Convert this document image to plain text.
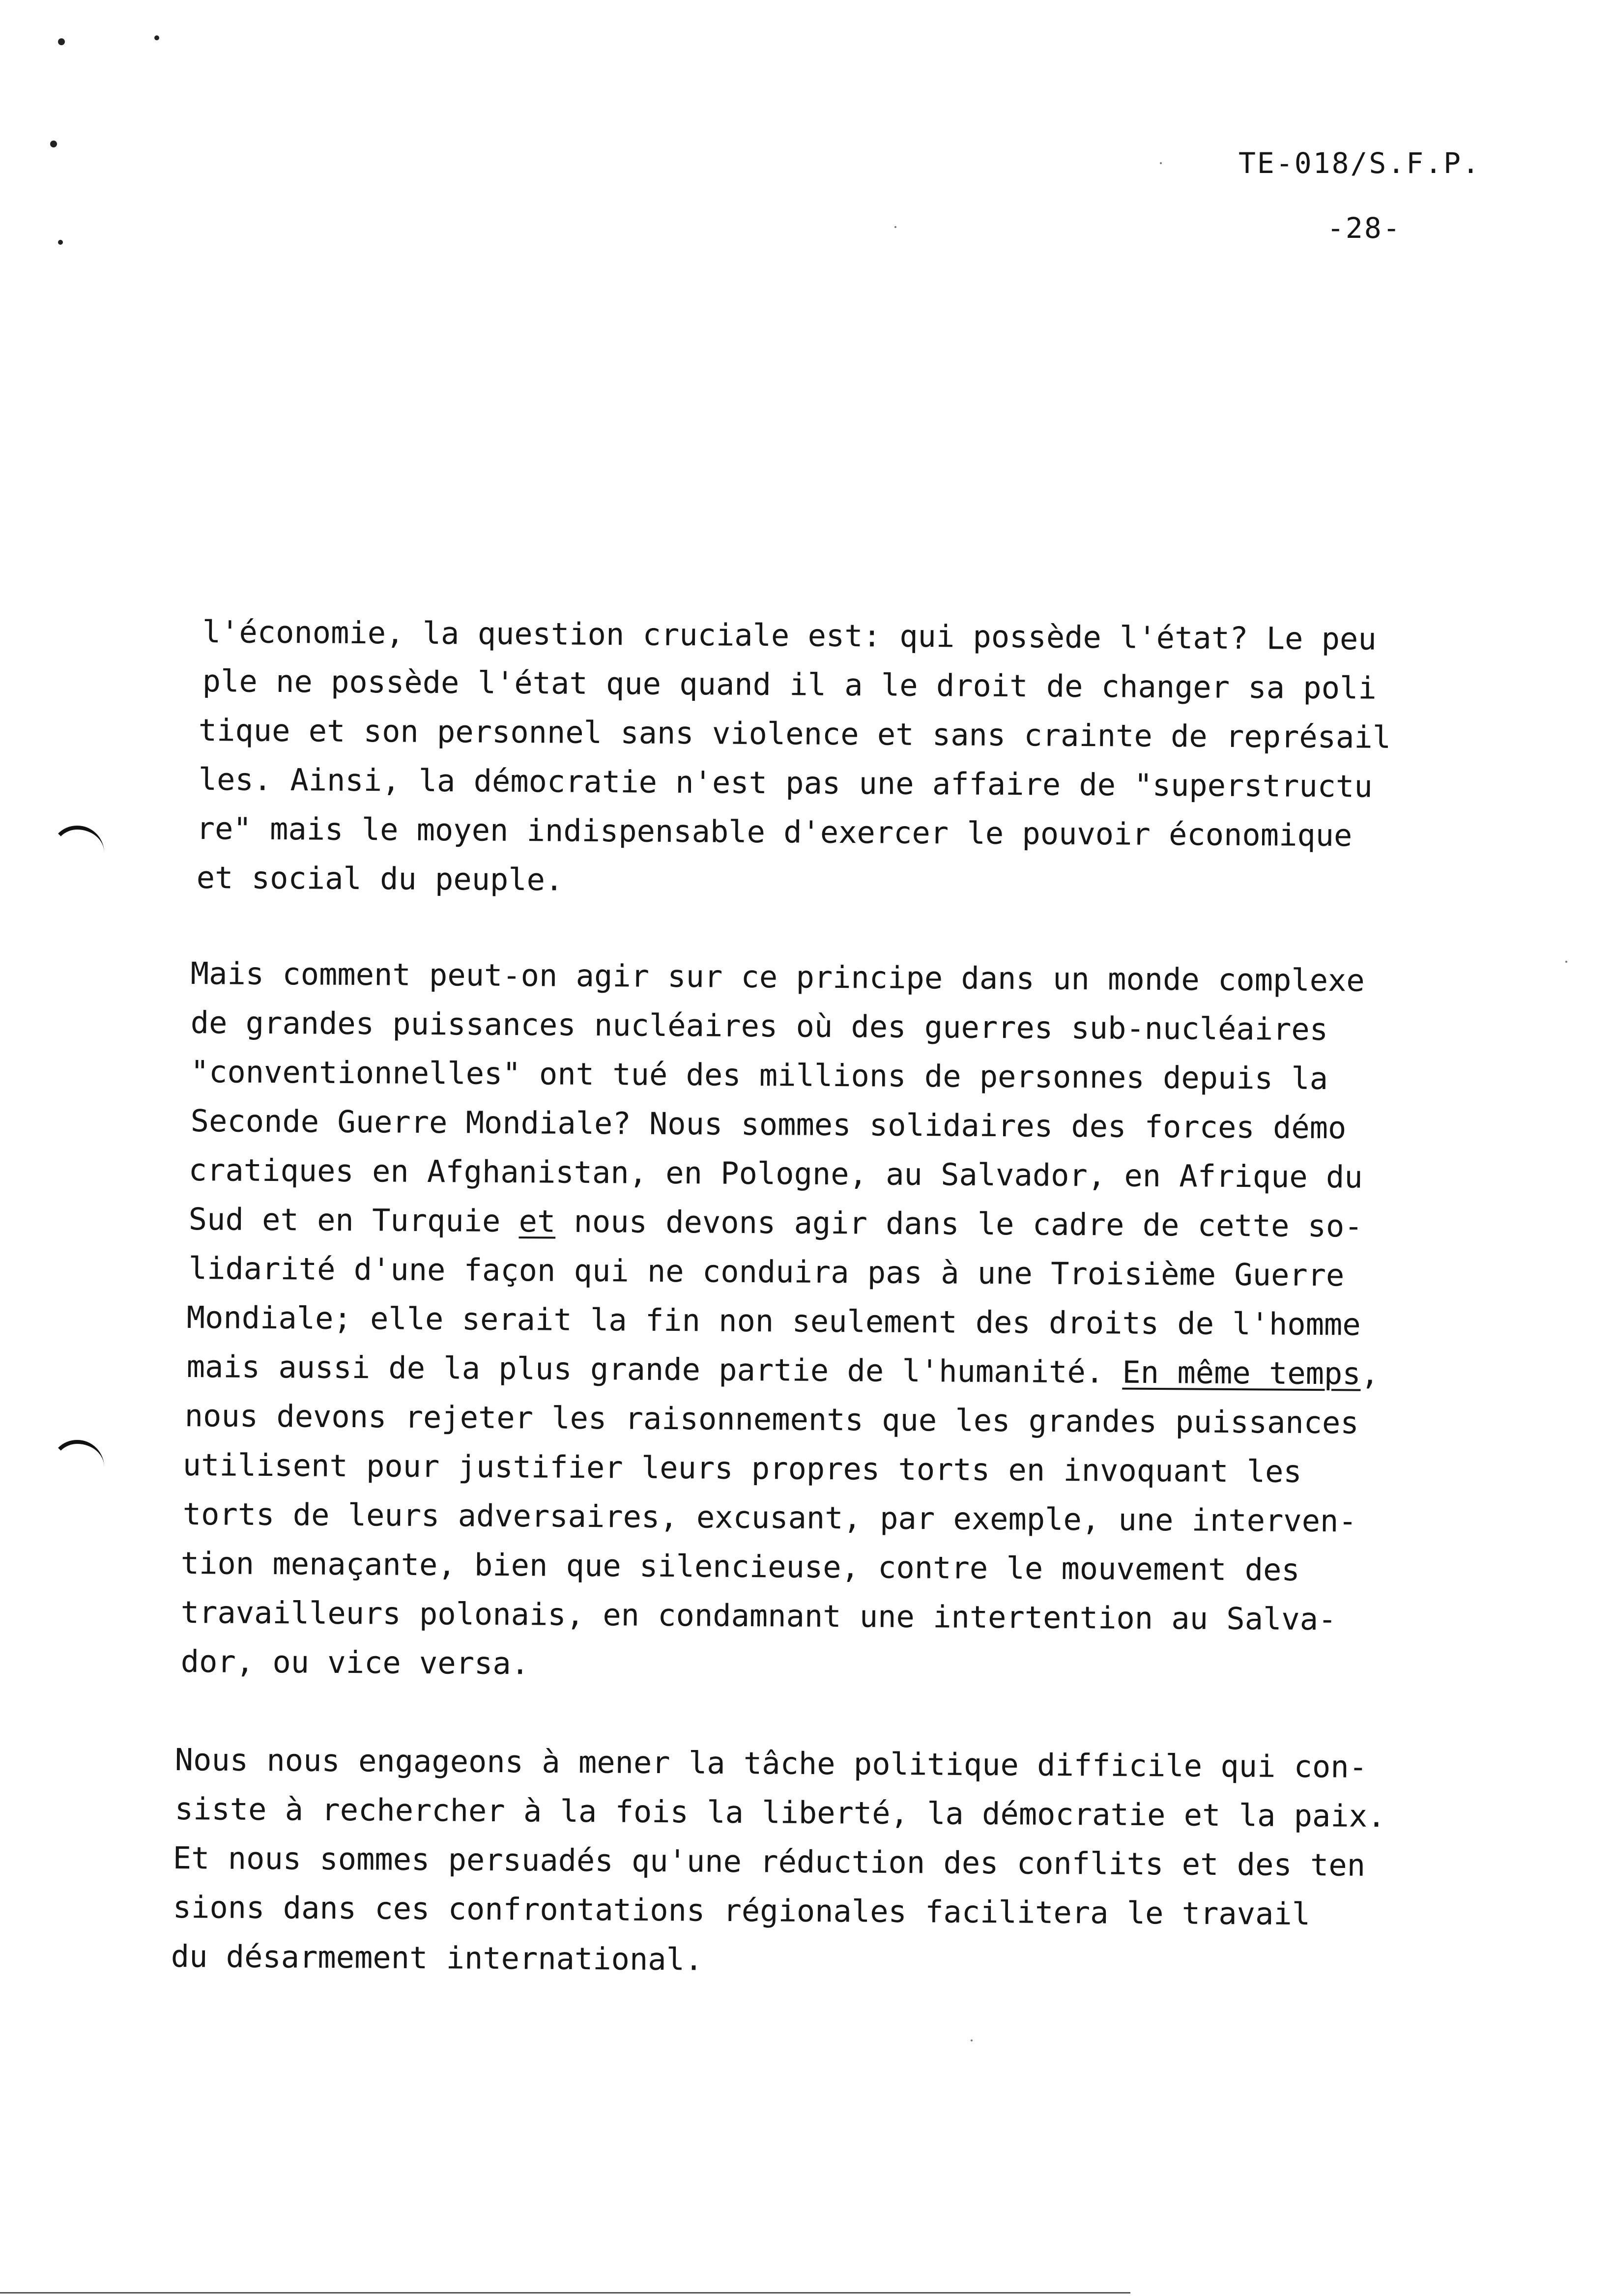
TE-018/S.F.P.
-28-
l'économie, la question cruciale est: qui possède l'état? Le peu
ple ne possède l'état que quand il a le droit de changer sa poli
tique et son personnel sans violence et sans crainte de représail
les. Ainsi, la démocratie n'est pas une affaire de "superstructu
re" mais le moyen indispensable d'exercer le pouvoir économique
et social du peuple.
Mais comment peut-on agir sur ce principe dans un monde complexe
de grandes puissances nucléaires où des guerres sub-nucléaires
"conventionnelles" ont tué des millions de personnes depuis la
Seconde Guerre Mondiale? Nous sommes solidaires des forces démo
cratiques en Afghanistan, en Pologne, au Salvador, en Afrique du
Sud et en Turquie et nous devons agir dans le cadre de cette so-
lidarité d'une façon qui ne conduira pas à une Troisième Guerre
Mondiale; elle serait la fin non seulement des droits de l'homme
mais aussi de la plus grande partie de l'humanité. En même temps,
nous devons rejeter les raisonnements que les grandes puissances
utilisent pour justifier leurs propres torts en invoquant les
torts de leurs adversaires, excusant, par exemple, une interven-
tion menaçante, bien que silencieuse, contre le mouvement des
travailleurs polonais, en condamnant une intertention au Salva-
dor, ou vice versa.
Nous nous engageons à mener la tâche politique difficile qui con-
siste à rechercher à la fois la liberté, la démocratie et la paix.
Et nous sommes persuadés qu'une réduction des conflits et des ten
sions dans ces confrontations régionales facilitera le travail
du désarmement international.
